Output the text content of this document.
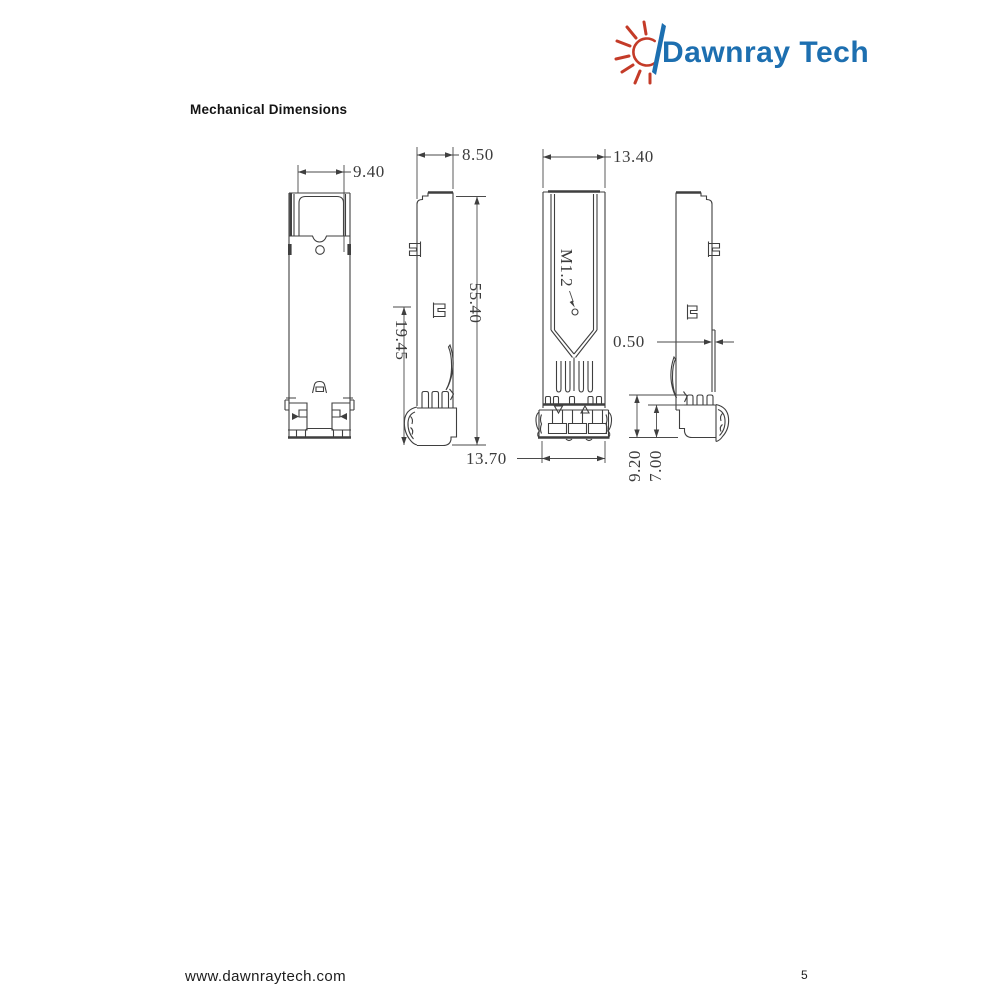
Dawnray Tech
Mechanical Dimensions
9.40
8.50	13.40
55.40
19.45
M1.2
0.50
13.70	9.20 7.00
www.dawnraytech.com	5
